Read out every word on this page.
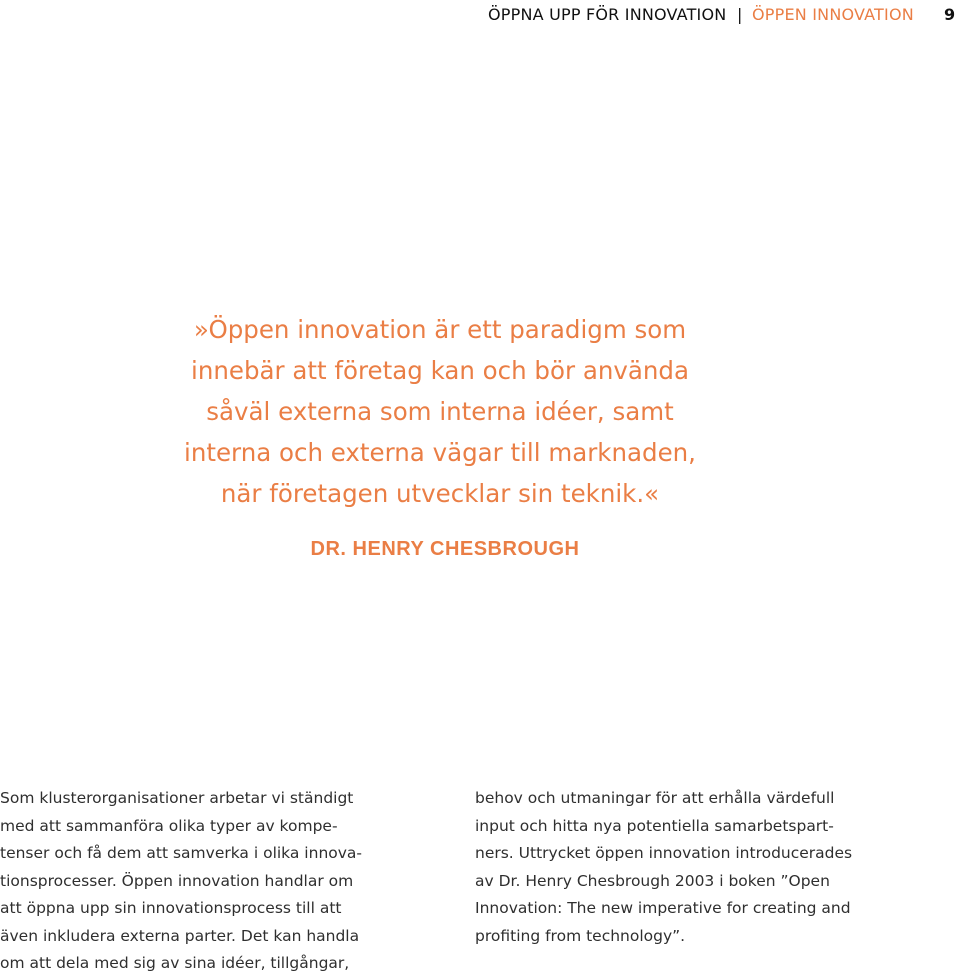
ÖPPNA UPP FÖR INNOVATION | ÖPPEN INNOVATION 9
»Öppen innovation är ett paradigm som
innebär att företag kan och bör använda
såväl externa som interna idéer, samt
interna och externa vägar till marknaden,
när företagen utvecklar sin teknik.«
DR. HENRY CHESBROUGH
Som klusterorganisationer arbetar vi ständigt
med att sammanföra olika typer av kompe-
tenser och få dem att samverka i olika innova-
tionsprocesser. Öppen innovation handlar om
att öppna upp sin innovationsprocess till att
även inkludera externa parter. Det kan handla
om att dela med sig av sina idéer, tillgångar,
behov och utmaningar för att erhålla värdefull
input och hitta nya potentiella samarbetspart-
ners. Uttrycket öppen innovation introducerades
av Dr. Henry Chesbrough 2003 i boken ”Open
Innovation: The new imperative for creating and
profiting from technology”.
